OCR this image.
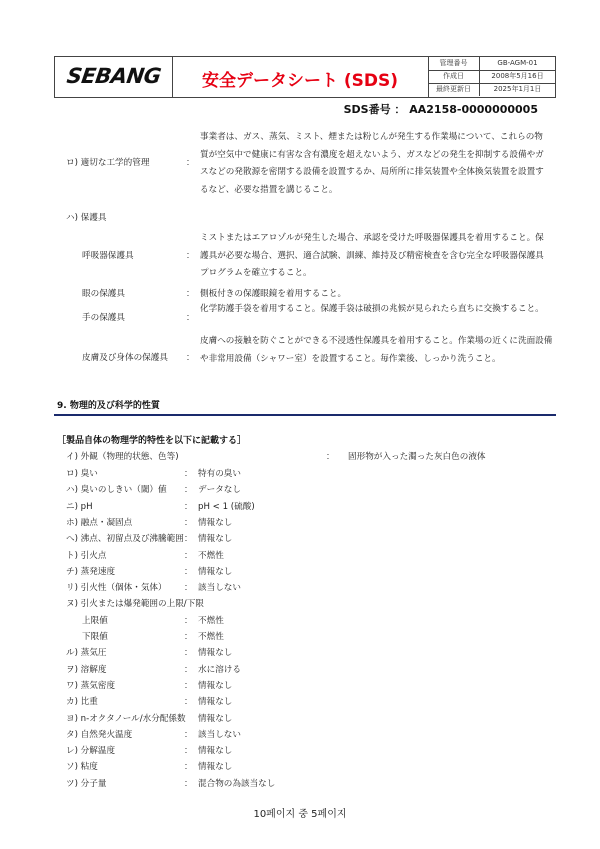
SEBANG	安全データシート (SDS)
管理番号	GB-AGM-01
作成日	2008年5月16日
最終更新日	2025年1月1日
SDS番号 ： AA2158-0000000005
ロ) 適切な工学的管理	：
事業者は、ガス、蒸気、ミスト、煙または粉じんが発生する作業場について、これらの物質が空気中で健康に有害な含有濃度を超えないよう、ガスなどの発生を抑制する設備やガスなどの発散源を密閉する設備を設置するか、局所所に排気装置や全体換気装置を設置するなど、必要な措置を講じること。
ハ) 保護具
呼吸器保護具	：
ミストまたはエアロゾルが発生した場合、承認を受けた呼吸器保護具を着用すること。保護具が必要な場合、選択、適合試験、訓練、維持及び精密検査を含む完全な呼吸器保護具プログラムを確立すること。
眼の保護具	： 側板付きの保護眼鏡を着用すること。
手の保護具	：
化学防護手袋を着用すること。保護手袋は破損の兆候が見られたら直ちに交換すること。
皮膚及び身体の保護具 ：
皮膚への接触を防ぐことができる不浸透性保護具を着用すること。作業場の近くに洗面設備や非常用設備（シャワー室）を設置すること。毎作業後、しっかり洗うこと。
9. 物理的及び科学的性質
［製品自体の物理学的特性を以下に記載する］
イ) 外観（物理的状態、色等)	： 固形物が入った濁った灰白色の液体
ロ) 臭い	： 特有の臭い
ハ) 臭いのしきい（閾）値	： データなし
ニ) pH	： pH < 1 (硫酸)
ホ) 融点・凝固点	： 情報なし
へ) 沸点、初留点及び沸騰範囲 ： 情報なし
ト) 引火点	： 不燃性
チ) 蒸発速度	： 情報なし
リ) 引火性（個体・気体）	： 該当しない
ヌ) 引火または爆発範囲の上限/下限
上限値	： 不燃性
下限値	： 不燃性
ル) 蒸気圧	： 情報なし
ヲ) 溶解度	： 水に溶ける
ワ) 蒸気密度	： 情報なし
カ) 比重	： 情報なし
ヨ) n-オクタノール/水分配係数 情報なし
タ) 自然発火温度	： 該当しない
レ) 分解温度	： 情報なし
ソ) 粘度	： 情報なし
ツ) 分子量	： 混合物の為該当なし
10페이지 중 5페이지
